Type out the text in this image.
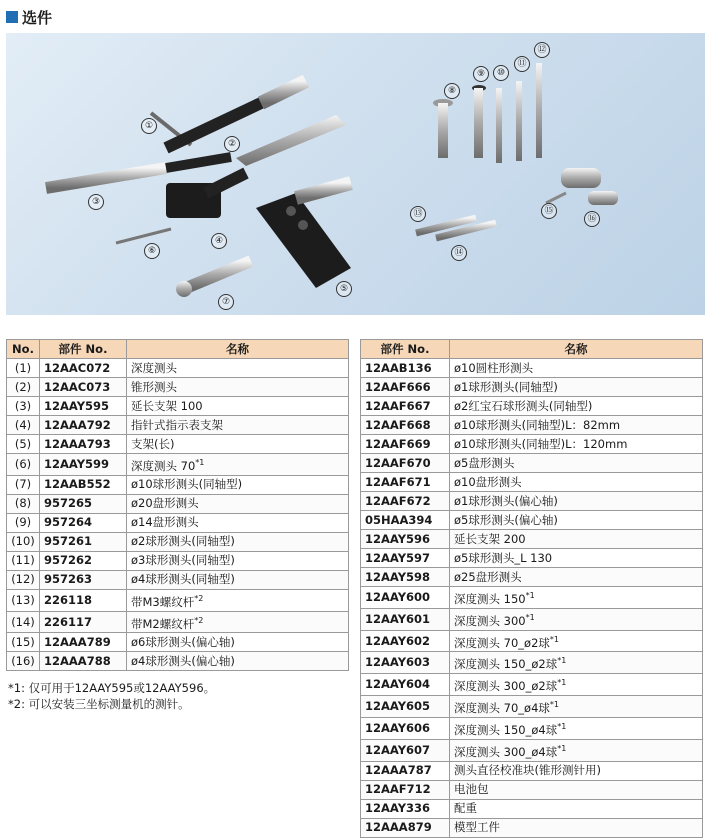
选件
①
②
③
④
⑤
⑥
⑦
⑧
⑨	⑩
⑪
⑫
⑬
⑭
⑮
⑯
No.	部件 No.	名称
(1)	12AAC072	深度测头
(2)	12AAC073	锥形测头
(3)	12AAY595	延长支架 100
(4)	12AAA792	指针式指示表支架
(5)	12AAA793	支架(长)
(6)	12AAY599	深度测头 70$^{*1}$
(7)	12AAB552	ø10球形测头(同轴型)
(8)	957265	ø20盘形测头
(9)	957264	ø14盘形测头
(10)	957261	ø2球形测头(同轴型)
(11)	957262	ø3球形测头(同轴型)
(12)	957263	ø4球形测头(同轴型)
(13)	226118	带M3螺纹杆$^{*2}$
(14)	226117	带M2螺纹杆$^{*2}$
(15)	12AAA789	ø6球形测头(偏心轴)
(16)	12AAA788	ø4球形测头(偏心轴)
部件 No.	名称
12AAB136	ø10圆柱形测头
12AAF666	ø1球形测头(同轴型)
12AAF667	ø2红宝石球形测头(同轴型)
12AAF668	ø10球形测头(同轴型)L：82mm
12AAF669	ø10球形测头(同轴型)L：120mm
12AAF670	ø5盘形测头
12AAF671	ø10盘形测头
12AAF672	ø1球形测头(偏心轴)
05HAA394	ø5球形测头(偏心轴)
12AAY596	延长支架 200
12AAY597	ø5球形测头_L 130
12AAY598	ø25盘形测头
12AAY600	深度测头 150$^{*1}$
12AAY601	深度测头 300$^{*1}$
12AAY602	深度测头 70_ø2球$^{*1}$
12AAY603	深度测头 150_ø2球$^{*1}$
12AAY604	深度测头 300_ø2球$^{*1}$
12AAY605	深度测头 70_ø4球$^{*1}$
12AAY606	深度测头 150_ø4球$^{*1}$
12AAY607	深度测头 300_ø4球$^{*1}$
12AAA787	测头直径校准块(锥形测针用)
12AAF712	电池包
12AAY336	配重
12AAA879	模型工件
*1: 仅可用于12AAY595或12AAY596。
*2: 可以安装三坐标测量机的测针。
